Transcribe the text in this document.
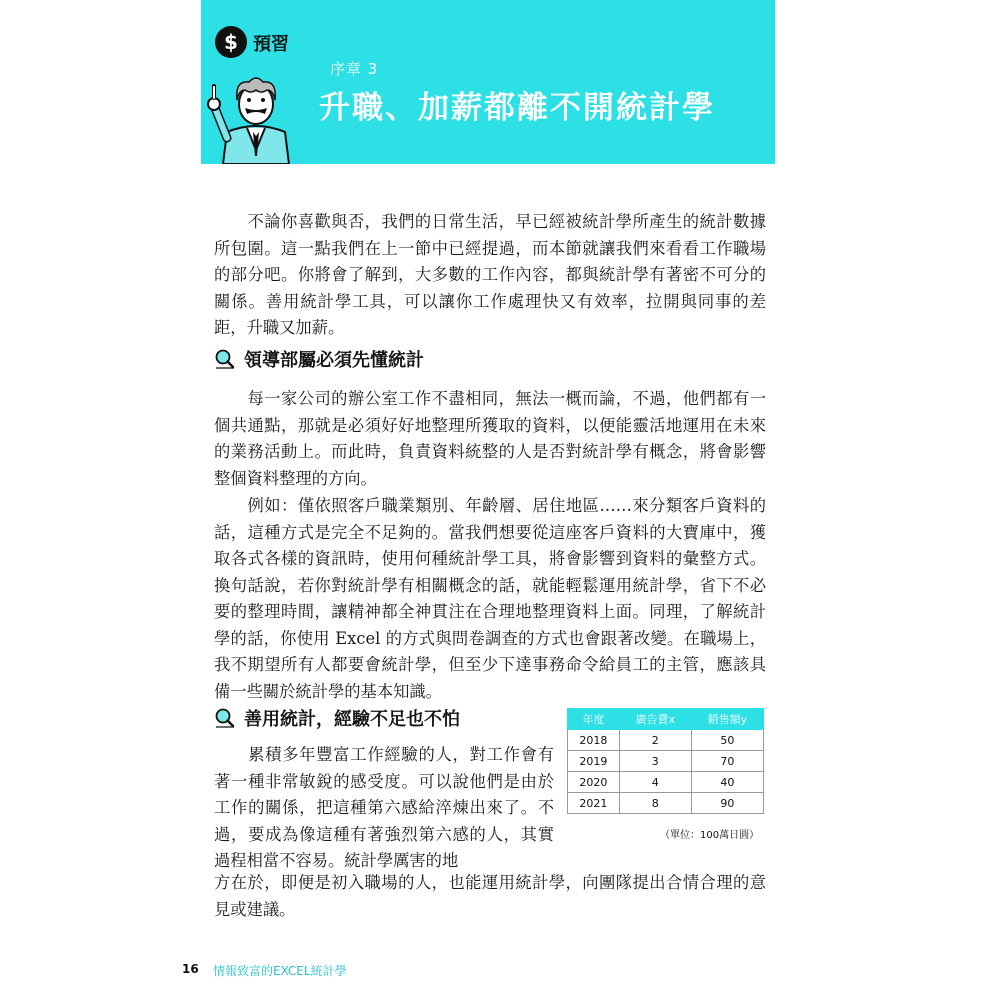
$ 預習
序章 3
升職、加薪都離不開統計學

　　不論你喜歡與否，我們的日常生活，早已經被統計學所產生的統計數據所包圍。這一點我們在上一節中已經提過，而本節就讓我們來看看工作職場的部分吧。你將會了解到，大多數的工作內容，都與統計學有著密不可分的關係。善用統計學工具，可以讓你工作處理快又有效率，拉開與同事的差距，升職又加薪。

領導部屬必須先懂統計

　　每一家公司的辦公室工作不盡相同，無法一概而論，不過，他們都有一個共通點，那就是必須好好地整理所獲取的資料，以便能靈活地運用在未來的業務活動上。而此時，負責資料統整的人是否對統計學有概念，將會影響整個資料整理的方向。

　　例如：僅依照客戶職業類別、年齡層、居住地區……來分類客戶資料的話，這種方式是完全不足夠的。當我們想要從這座客戶資料的大寶庫中，獲取各式各樣的資訊時，使用何種統計學工具，將會影響到資料的彙整方式。換句話說，若你對統計學有相關概念的話，就能輕鬆運用統計學，省下不必要的整理時間，讓精神都全神貫注在合理地整理資料上面。同理，了解統計學的話，你使用 Excel 的方式與問卷調查的方式也會跟著改變。在職場上，我不期望所有人都要會統計學，但至少下達事務命令給員工的主管，應該具備一些關於統計學的基本知識。

善用統計，經驗不足也不怕

　　累積多年豐富工作經驗的人，對工作會有著一種非常敏銳的感受度。可以說他們是由於工作的關係，把這種第六感給淬煉出來了。不過，要成為像這種有著強烈第六感的人，其實過程相當不容易。統計學厲害的地

年度	廣告費x	銷售額y
2018	2	50
2019	3	70
2020	4	40
2021	8	90
（單位：100萬日圓）

方在於，即便是初入職場的人，也能運用統計學，向團隊提出合情合理的意見或建議。

16 情報致富的EXCEL統計學
